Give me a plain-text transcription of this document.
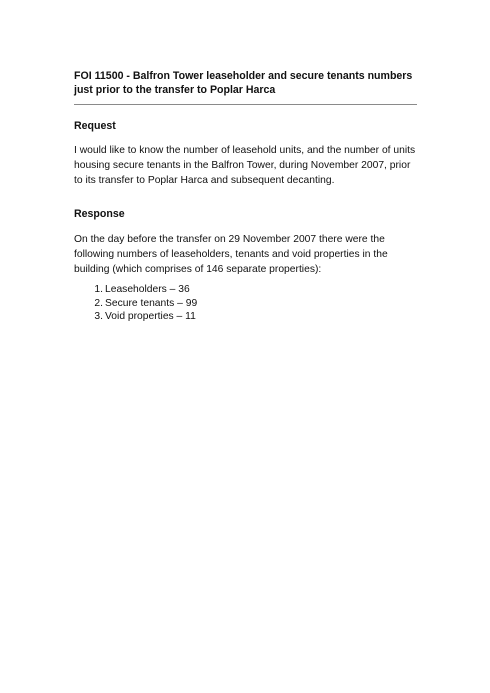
FOI 11500 - Balfron Tower leaseholder and secure tenants numbers just prior to the transfer to Poplar Harca

Request

I would like to know the number of leasehold units, and the number of units housing secure tenants in the Balfron Tower, during November 2007, prior to its transfer to Poplar Harca and subsequent decanting.

Response

On the day before the transfer on 29 November 2007 there were the following numbers of leaseholders, tenants and void properties in the building (which comprises of 146 separate properties):

1. Leaseholders – 36
2. Secure tenants – 99
3. Void properties – 11
